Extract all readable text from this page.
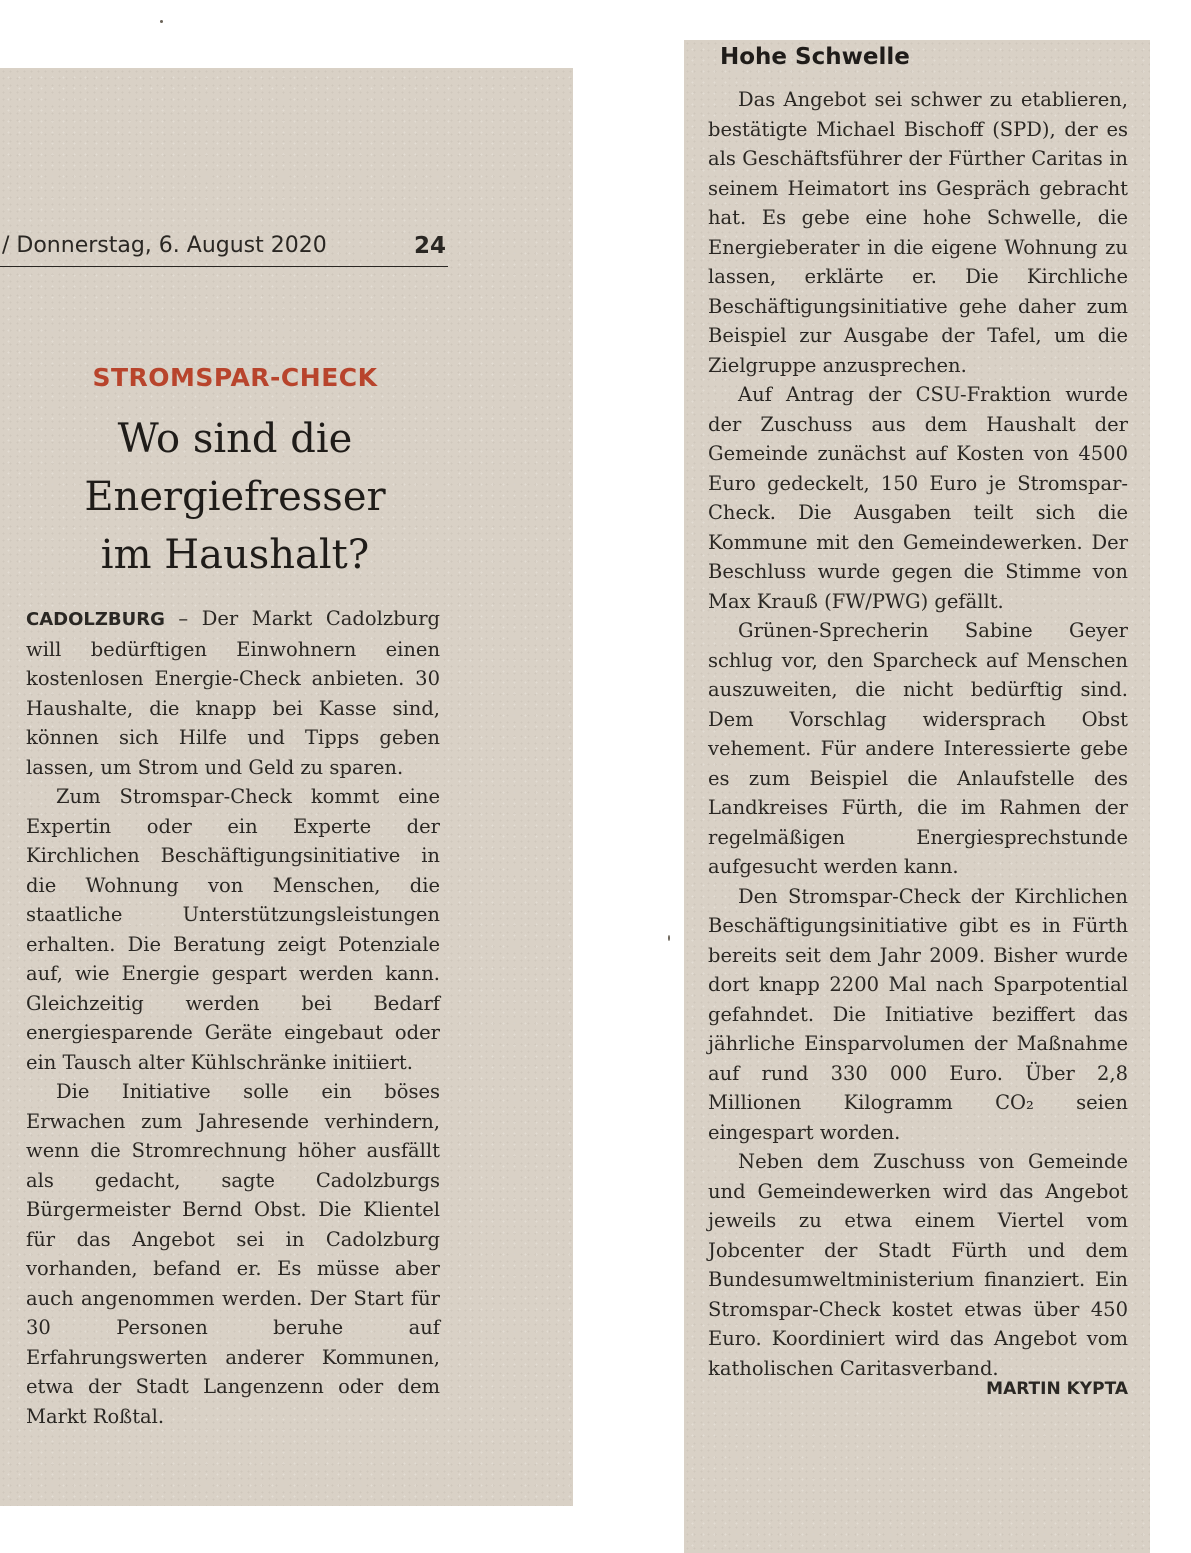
/ Donnerstag, 6. August 2020	24
STROMSPAR-CHECK
Wo sind die
Energiefresser
im Haushalt?

CADOLZBURG – Der Markt Cadolzburg will bedürftigen Einwohnern einen kostenlosen Energie-Check anbieten. 30 Haushalte, die knapp bei Kasse sind, können sich Hilfe und Tipps geben lassen, um Strom und Geld zu sparen.

Zum Stromspar-Check kommt eine Expertin oder ein Experte der Kirchlichen Beschäftigungsinitiative in die Wohnung von Menschen, die staatliche Unterstützungsleistungen erhalten. Die Beratung zeigt Potenziale auf, wie Energie gespart werden kann. Gleichzeitig werden bei Bedarf energiesparende Geräte eingebaut oder ein Tausch alter Kühlschränke initiiert.

Die Initiative solle ein böses Erwachen zum Jahresende verhindern, wenn die Stromrechnung höher ausfällt als gedacht, sagte Cadolzburgs Bürgermeister Bernd Obst. Die Klientel für das Angebot sei in Cadolzburg vorhanden, befand er. Es müsse aber auch angenommen werden. Der Start für 30 Personen beruhe auf Erfahrungswerten anderer Kommunen, etwa der Stadt Langenzenn oder dem Markt Roßtal.

Hohe Schwelle

Das Angebot sei schwer zu etablieren, bestätigte Michael Bischoff (SPD), der es als Geschäftsführer der Fürther Caritas in seinem Heimatort ins Gespräch gebracht hat. Es gebe eine hohe Schwelle, die Energieberater in die eigene Wohnung zu lassen, erklärte er. Die Kirchliche Beschäftigungsinitiative gehe daher zum Beispiel zur Ausgabe der Tafel, um die Zielgruppe anzusprechen.

Auf Antrag der CSU-Fraktion wurde der Zuschuss aus dem Haushalt der Gemeinde zunächst auf Kosten von 4500 Euro gedeckelt, 150 Euro je Stromspar-Check. Die Ausgaben teilt sich die Kommune mit den Gemeindewerken. Der Beschluss wurde gegen die Stimme von Max Krauß (FW/PWG) gefällt.

Grünen-Sprecherin Sabine Geyer schlug vor, den Sparcheck auf Menschen auszuweiten, die nicht bedürftig sind. Dem Vorschlag widersprach Obst vehement. Für andere Interessierte gebe es zum Beispiel die Anlaufstelle des Landkreises Fürth, die im Rahmen der regelmäßigen Energiesprechstunde aufgesucht werden kann.

Den Stromspar-Check der Kirchlichen Beschäftigungsinitiative gibt es in Fürth bereits seit dem Jahr 2009. Bisher wurde dort knapp 2200 Mal nach Sparpotential gefahndet. Die Initiative beziffert das jährliche Einsparvolumen der Maßnahme auf rund 330 000 Euro. Über 2,8 Millionen Kilogramm CO₂ seien eingespart worden.

Neben dem Zuschuss von Gemeinde und Gemeindewerken wird das Angebot jeweils zu etwa einem Viertel vom Jobcenter der Stadt Fürth und dem Bundesumweltministerium finanziert. Ein Stromspar-Check kostet etwas über 450 Euro. Koordiniert wird das Angebot vom katholischen Caritasverband.

MARTIN KYPTA
